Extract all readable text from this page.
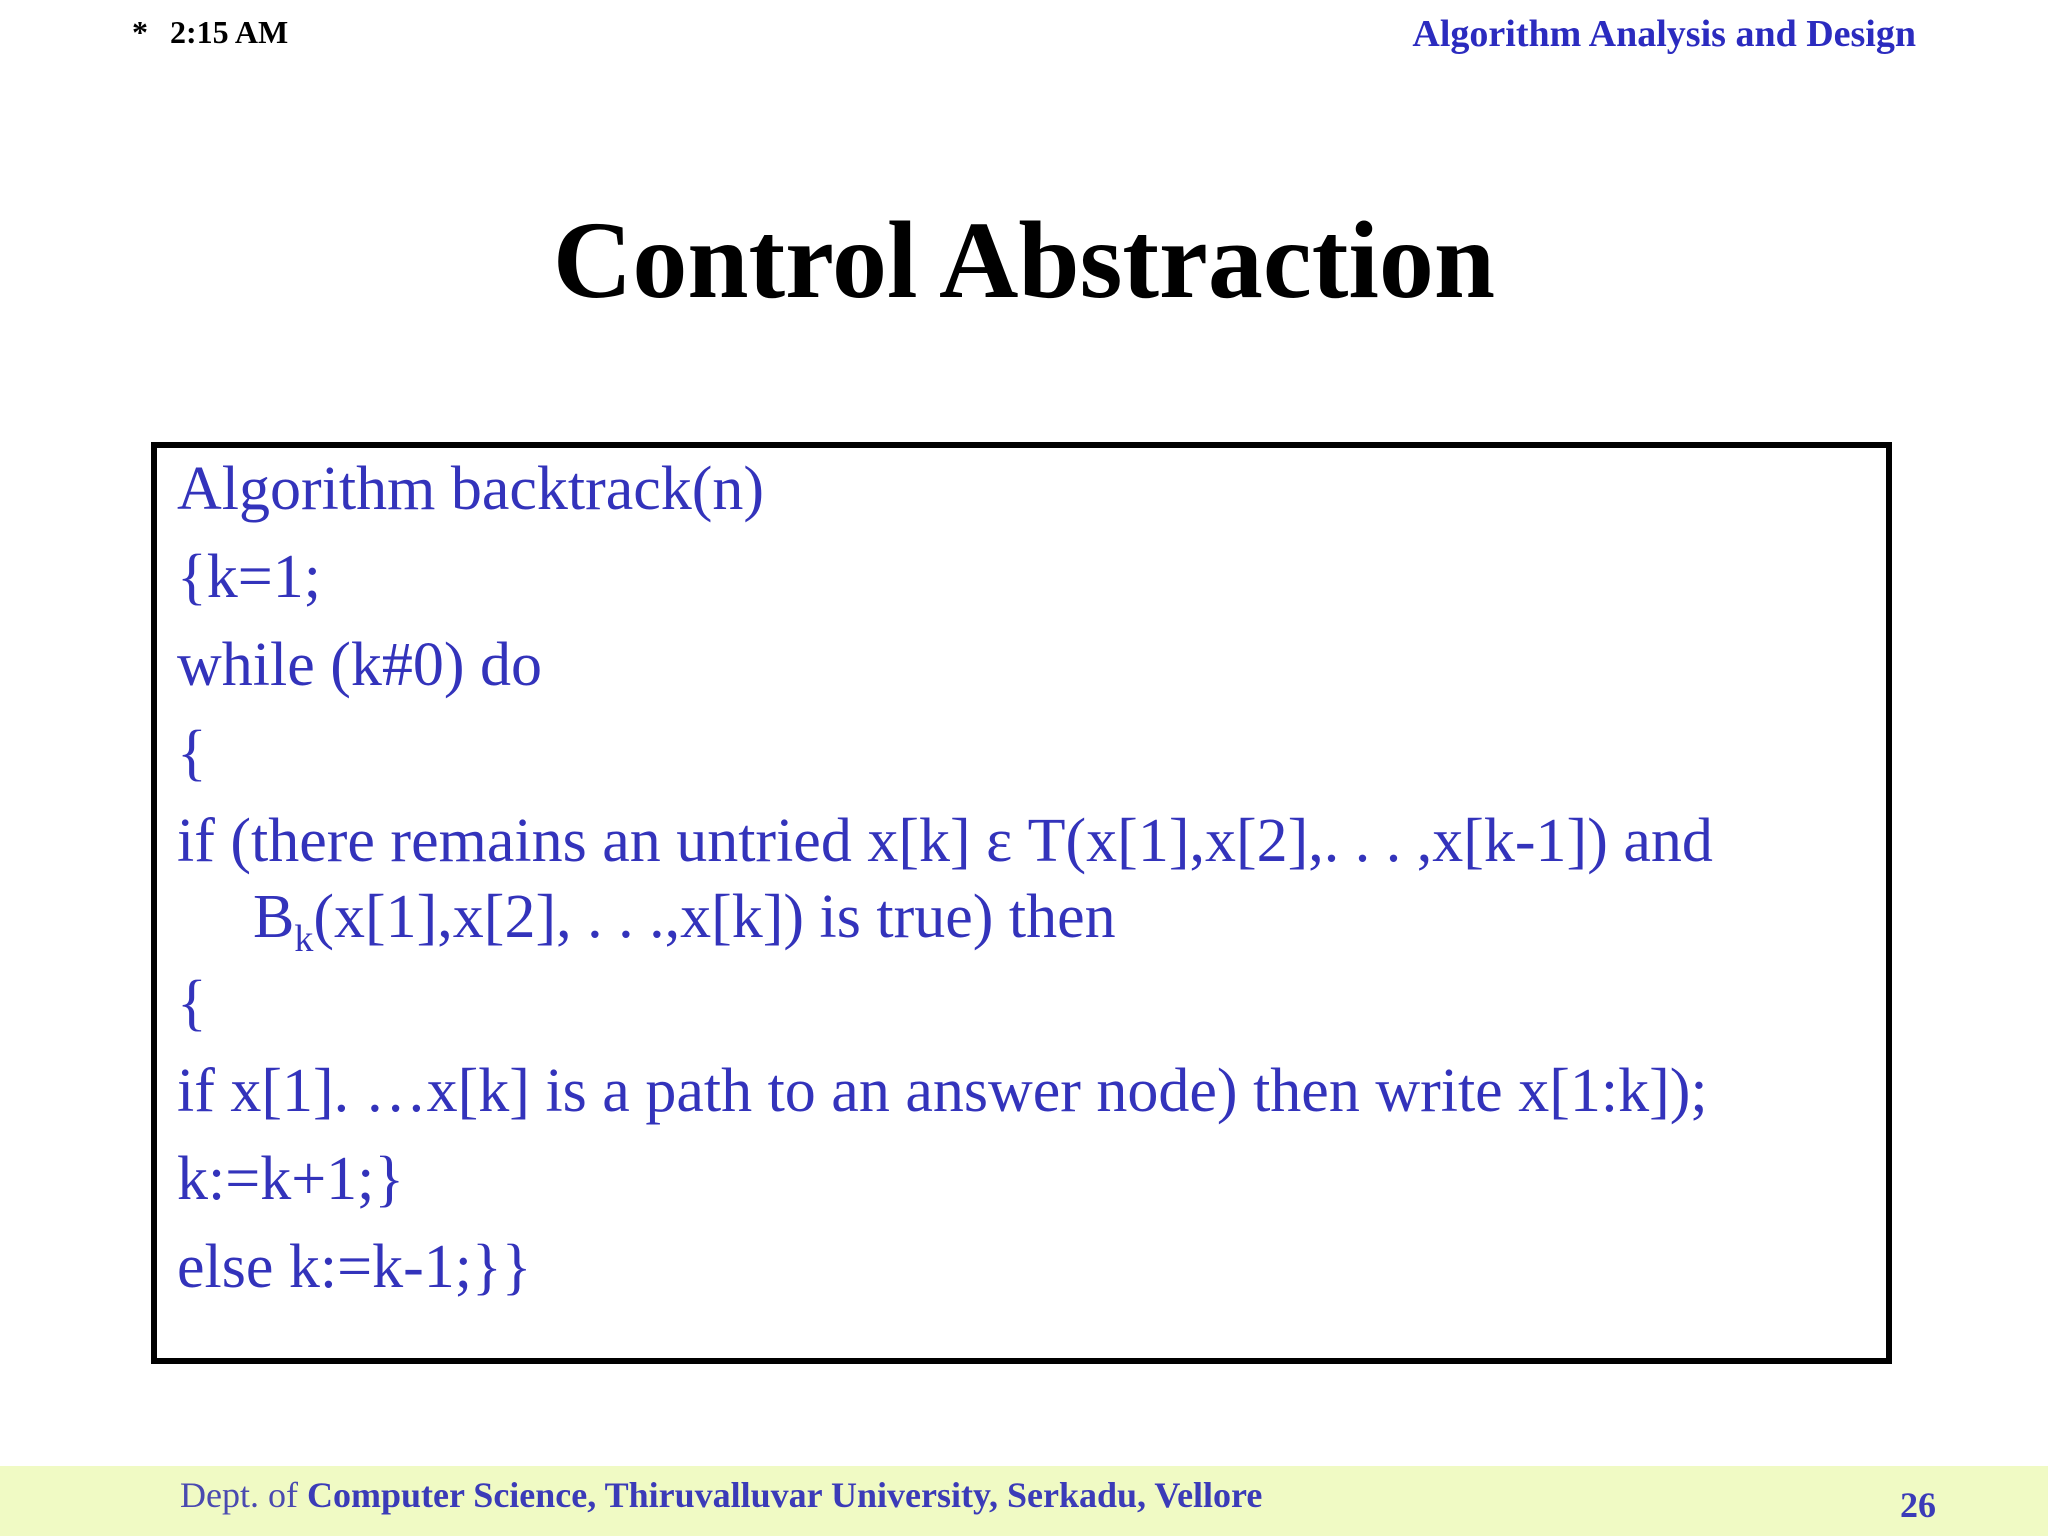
* 2:15 AM	Algorithm Analysis and Design
Control Abstraction
Algorithm backtrack(n)
{k=1;
while (k#0) do
{
if (there remains an untried x[k] ε T(x[1],x[2],. . . ,x[k-1]) and
$B_k(x[1],x[2]$, . . .,x[k]) is true) then
{
if x[1]. …x[k] is a path to an answer node) then write x[1:k]);
k:=k+1;}
else k:=k-1;}}
Dept. of Computer Science, Thiruvalluvar University, Serkadu, Vellore	26
